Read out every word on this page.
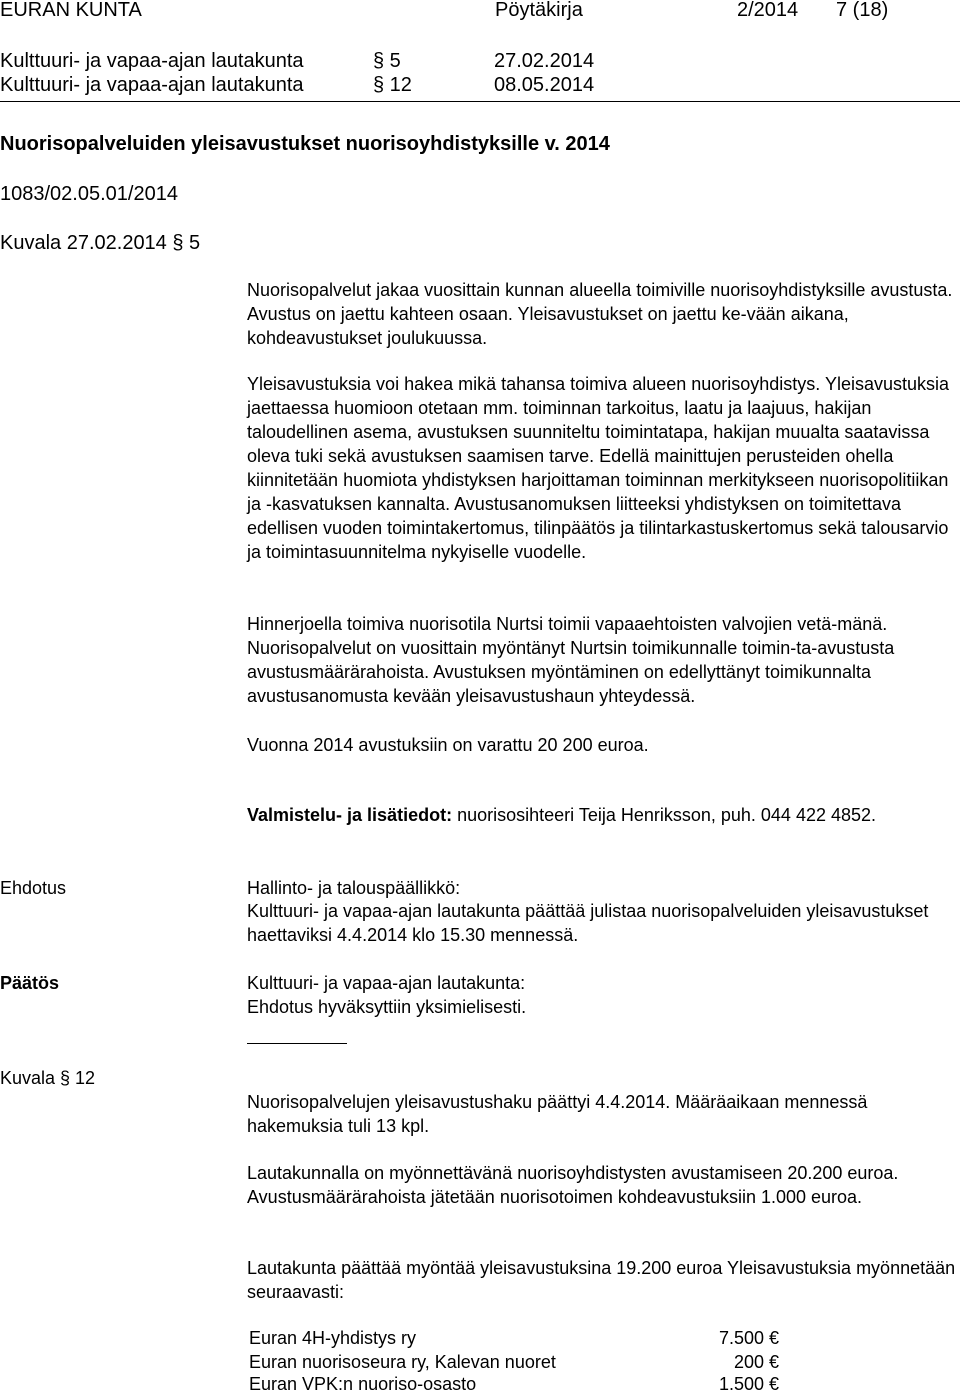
EURAN KUNTA	Pöytäkirja	2/2014 7 (18)
Kulttuuri- ja vapaa-ajan lautakunta	§ 5	27.02.2014
Kulttuuri- ja vapaa-ajan lautakunta	§ 12	08.05.2014
Nuorisopalveluiden yleisavustukset nuorisoyhdistyksille v. 2014
1083/02.05.01/2014
Kuvala 27.02.2014 § 5
Nuorisopalvelut jakaa vuosittain kunnan alueella toimiville nuorisoyhdistyksille avustusta. Avustus on jaettu kahteen osaan. Yleisavustukset on jaettu ke-vään aikana, kohdeavustukset joulukuussa.
Yleisavustuksia voi hakea mikä tahansa toimiva alueen nuorisoyhdistys. Yleisavustuksia jaettaessa huomioon otetaan mm. toiminnan tarkoitus, laatu ja laajuus, hakijan taloudellinen asema, avustuksen suunniteltu toimintatapa, hakijan muualta saatavissa oleva tuki sekä avustuksen saamisen tarve. Edellä mainittujen perusteiden ohella kiinnitetään huomiota yhdistyksen harjoittaman toiminnan merkitykseen nuorisopolitiikan ja -kasvatuksen kannalta. Avustusanomuksen liitteeksi yhdistyksen on toimitettava edellisen vuoden toimintakertomus, tilinpäätös ja tilintarkastuskertomus sekä talousarvio ja toimintasuunnitelma nykyiselle vuodelle.
Hinnerjoella toimiva nuorisotila Nurtsi toimii vapaaehtoisten valvojien vetä-mänä. Nuorisopalvelut on vuosittain myöntänyt Nurtsin toimikunnalle toimin-ta-avustusta avustusmäärärahoista. Avustuksen myöntäminen on edellyttänyt toimikunnalta avustusanomusta kevään yleisavustushaun yhteydessä.
Vuonna 2014 avustuksiin on varattu 20 200 euroa.
Valmistelu- ja lisätiedot: nuorisosihteeri Teija Henriksson, puh. 044 422 4852.
Ehdotus	Hallinto- ja talouspäällikkö:
Kulttuuri- ja vapaa-ajan lautakunta päättää julistaa nuorisopalveluiden yleisavustukset haettaviksi 4.4.2014 klo 15.30 mennessä.
Päätös	Kulttuuri- ja vapaa-ajan lautakunta:
Ehdotus hyväksyttiin yksimielisesti.
Kuvala § 12
Nuorisopalvelujen yleisavustushaku päättyi 4.4.2014. Määräaikaan mennessä hakemuksia tuli 13 kpl.
Lautakunnalla on myönnettävänä nuorisoyhdistysten avustamiseen 20.200 euroa. Avustusmäärärahoista jätetään nuorisotoimen kohdeavustuksiin 1.000 euroa.
Lautakunta päättää myöntää yleisavustuksina 19.200 euroa Yleisavustuksia myönnetään seuraavasti:
Euran 4H-yhdistys ry	7.500 €
Euran nuorisoseura ry, Kalevan nuoret	200 €
Euran VPK:n nuoriso-osasto	1.500 €
